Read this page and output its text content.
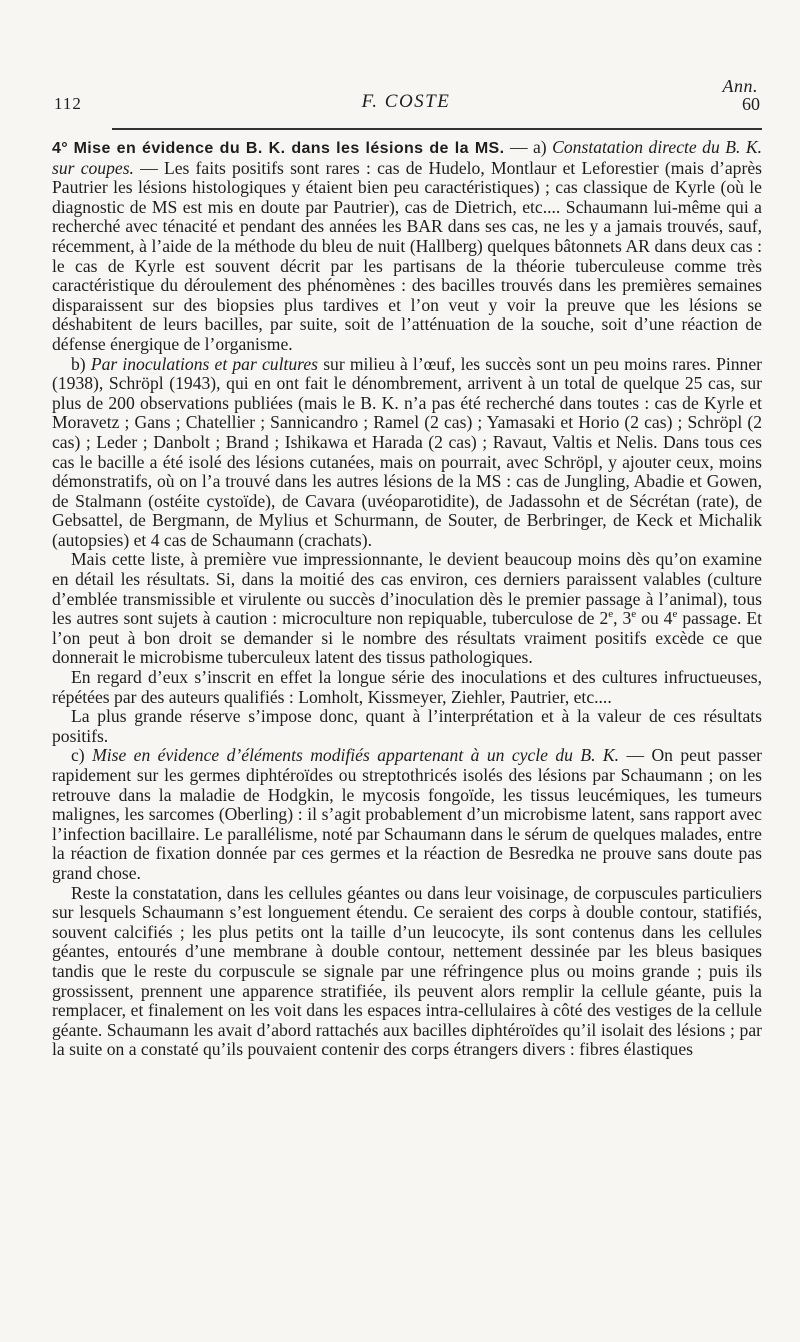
Ann.
112	F. COSTE	60

4° Mise en évidence du B. K. dans les lésions de la MS. — a) Constatation directe du B. K. sur coupes. — Les faits positifs sont rares : cas de Hudelo, Montlaur et Leforestier (mais d’après Pautrier les lésions histologiques y étaient bien peu caractéristiques) ; cas classique de Kyrle (où le diagnostic de MS est mis en doute par Pautrier), cas de Dietrich, etc.... Schaumann lui-même qui a recherché avec ténacité et pendant des années les BAR dans ses cas, ne les y a jamais trouvés, sauf, récemment, à l’aide de la méthode du bleu de nuit (Hallberg) quelques bâtonnets AR dans deux cas : le cas de Kyrle est souvent décrit par les partisans de la théorie tuberculeuse comme très caractéristique du déroulement des phénomènes : des bacilles trouvés dans les premières semaines disparaissent sur des biopsies plus tardives et l’on veut y voir la preuve que les lésions se déshabitent de leurs bacilles, par suite, soit de l’atténuation de la souche, soit d’une réaction de défense énergique de l’organisme.

b) Par inoculations et par cultures sur milieu à l’œuf, les succès sont un peu moins rares. Pinner (1938), Schröpl (1943), qui en ont fait le dénombrement, arrivent à un total de quelque 25 cas, sur plus de 200 observations publiées (mais le B. K. n’a pas été recherché dans toutes : cas de Kyrle et Moravetz ; Gans ; Chatellier ; Sannicandro ; Ramel (2 cas) ; Yamasaki et Horio (2 cas) ; Schröpl (2 cas) ; Leder ; Danbolt ; Brand ; Ishikawa et Harada (2 cas) ; Ravaut, Valtis et Nelis. Dans tous ces cas le bacille a été isolé des lésions cutanées, mais on pourrait, avec Schröpl, y ajouter ceux, moins démonstratifs, où on l’a trouvé dans les autres lésions de la MS : cas de Jungling, Abadie et Gowen, de Stalmann (ostéite cystoïde), de Cavara (uvéoparotidite), de Jadassohn et de Sécrétan (rate), de Gebsattel, de Bergmann, de Mylius et Schurmann, de Souter, de Berbringer, de Keck et Michalik (autopsies) et 4 cas de Schaumann (crachats).

Mais cette liste, à première vue impressionnante, le devient beaucoup moins dès qu’on examine en détail les résultats. Si, dans la moitié des cas environ, ces derniers paraissent valables (culture d’emblée transmissible et virulente ou succès d’inoculation dès le premier passage à l’animal), tous les autres sont sujets à caution : microculture non repiquable, tuberculose de 2e, 3e ou 4e passage. Et l’on peut à bon droit se demander si le nombre des résultats vraiment positifs excède ce que donnerait le microbisme tuberculeux latent des tissus pathologiques.

En regard d’eux s’inscrit en effet la longue série des inoculations et des cultures infructueuses, répétées par des auteurs qualifiés : Lomholt, Kissmeyer, Ziehler, Pautrier, etc....

La plus grande réserve s’impose donc, quant à l’interprétation et à la valeur de ces résultats positifs.

c) Mise en évidence d’éléments modifiés appartenant à un cycle du B. K. — On peut passer rapidement sur les germes diphtéroïdes ou streptothricés isolés des lésions par Schaumann ; on les retrouve dans la maladie de Hodgkin, le mycosis fongoïde, les tissus leucémiques, les tumeurs malignes, les sarcomes (Oberling) : il s’agit probablement d’un microbisme latent, sans rapport avec l’infection bacillaire. Le parallélisme, noté par Schaumann dans le sérum de quelques malades, entre la réaction de fixation donnée par ces germes et la réaction de Besredka ne prouve sans doute pas grand chose.

Reste la constatation, dans les cellules géantes ou dans leur voisinage, de corpuscules particuliers sur lesquels Schaumann s’est longuement étendu. Ce seraient des corps à double contour, statifiés, souvent calcifiés ; les plus petits ont la taille d’un leucocyte, ils sont contenus dans les cellules géantes, entourés d’une membrane à double contour, nettement dessinée par les bleus basiques tandis que le reste du corpuscule se signale par une réfringence plus ou moins grande ; puis ils grossissent, prennent une apparence stratifiée, ils peuvent alors remplir la cellule géante, puis la remplacer, et finalement on les voit dans les espaces intra-cellulaires à côté des vestiges de la cellule géante. Schaumann les avait d’abord rattachés aux bacilles diphtéroïdes qu’il isolait des lésions ; par la suite on a constaté qu’ils pouvaient contenir des corps étrangers divers : fibres élastiques
